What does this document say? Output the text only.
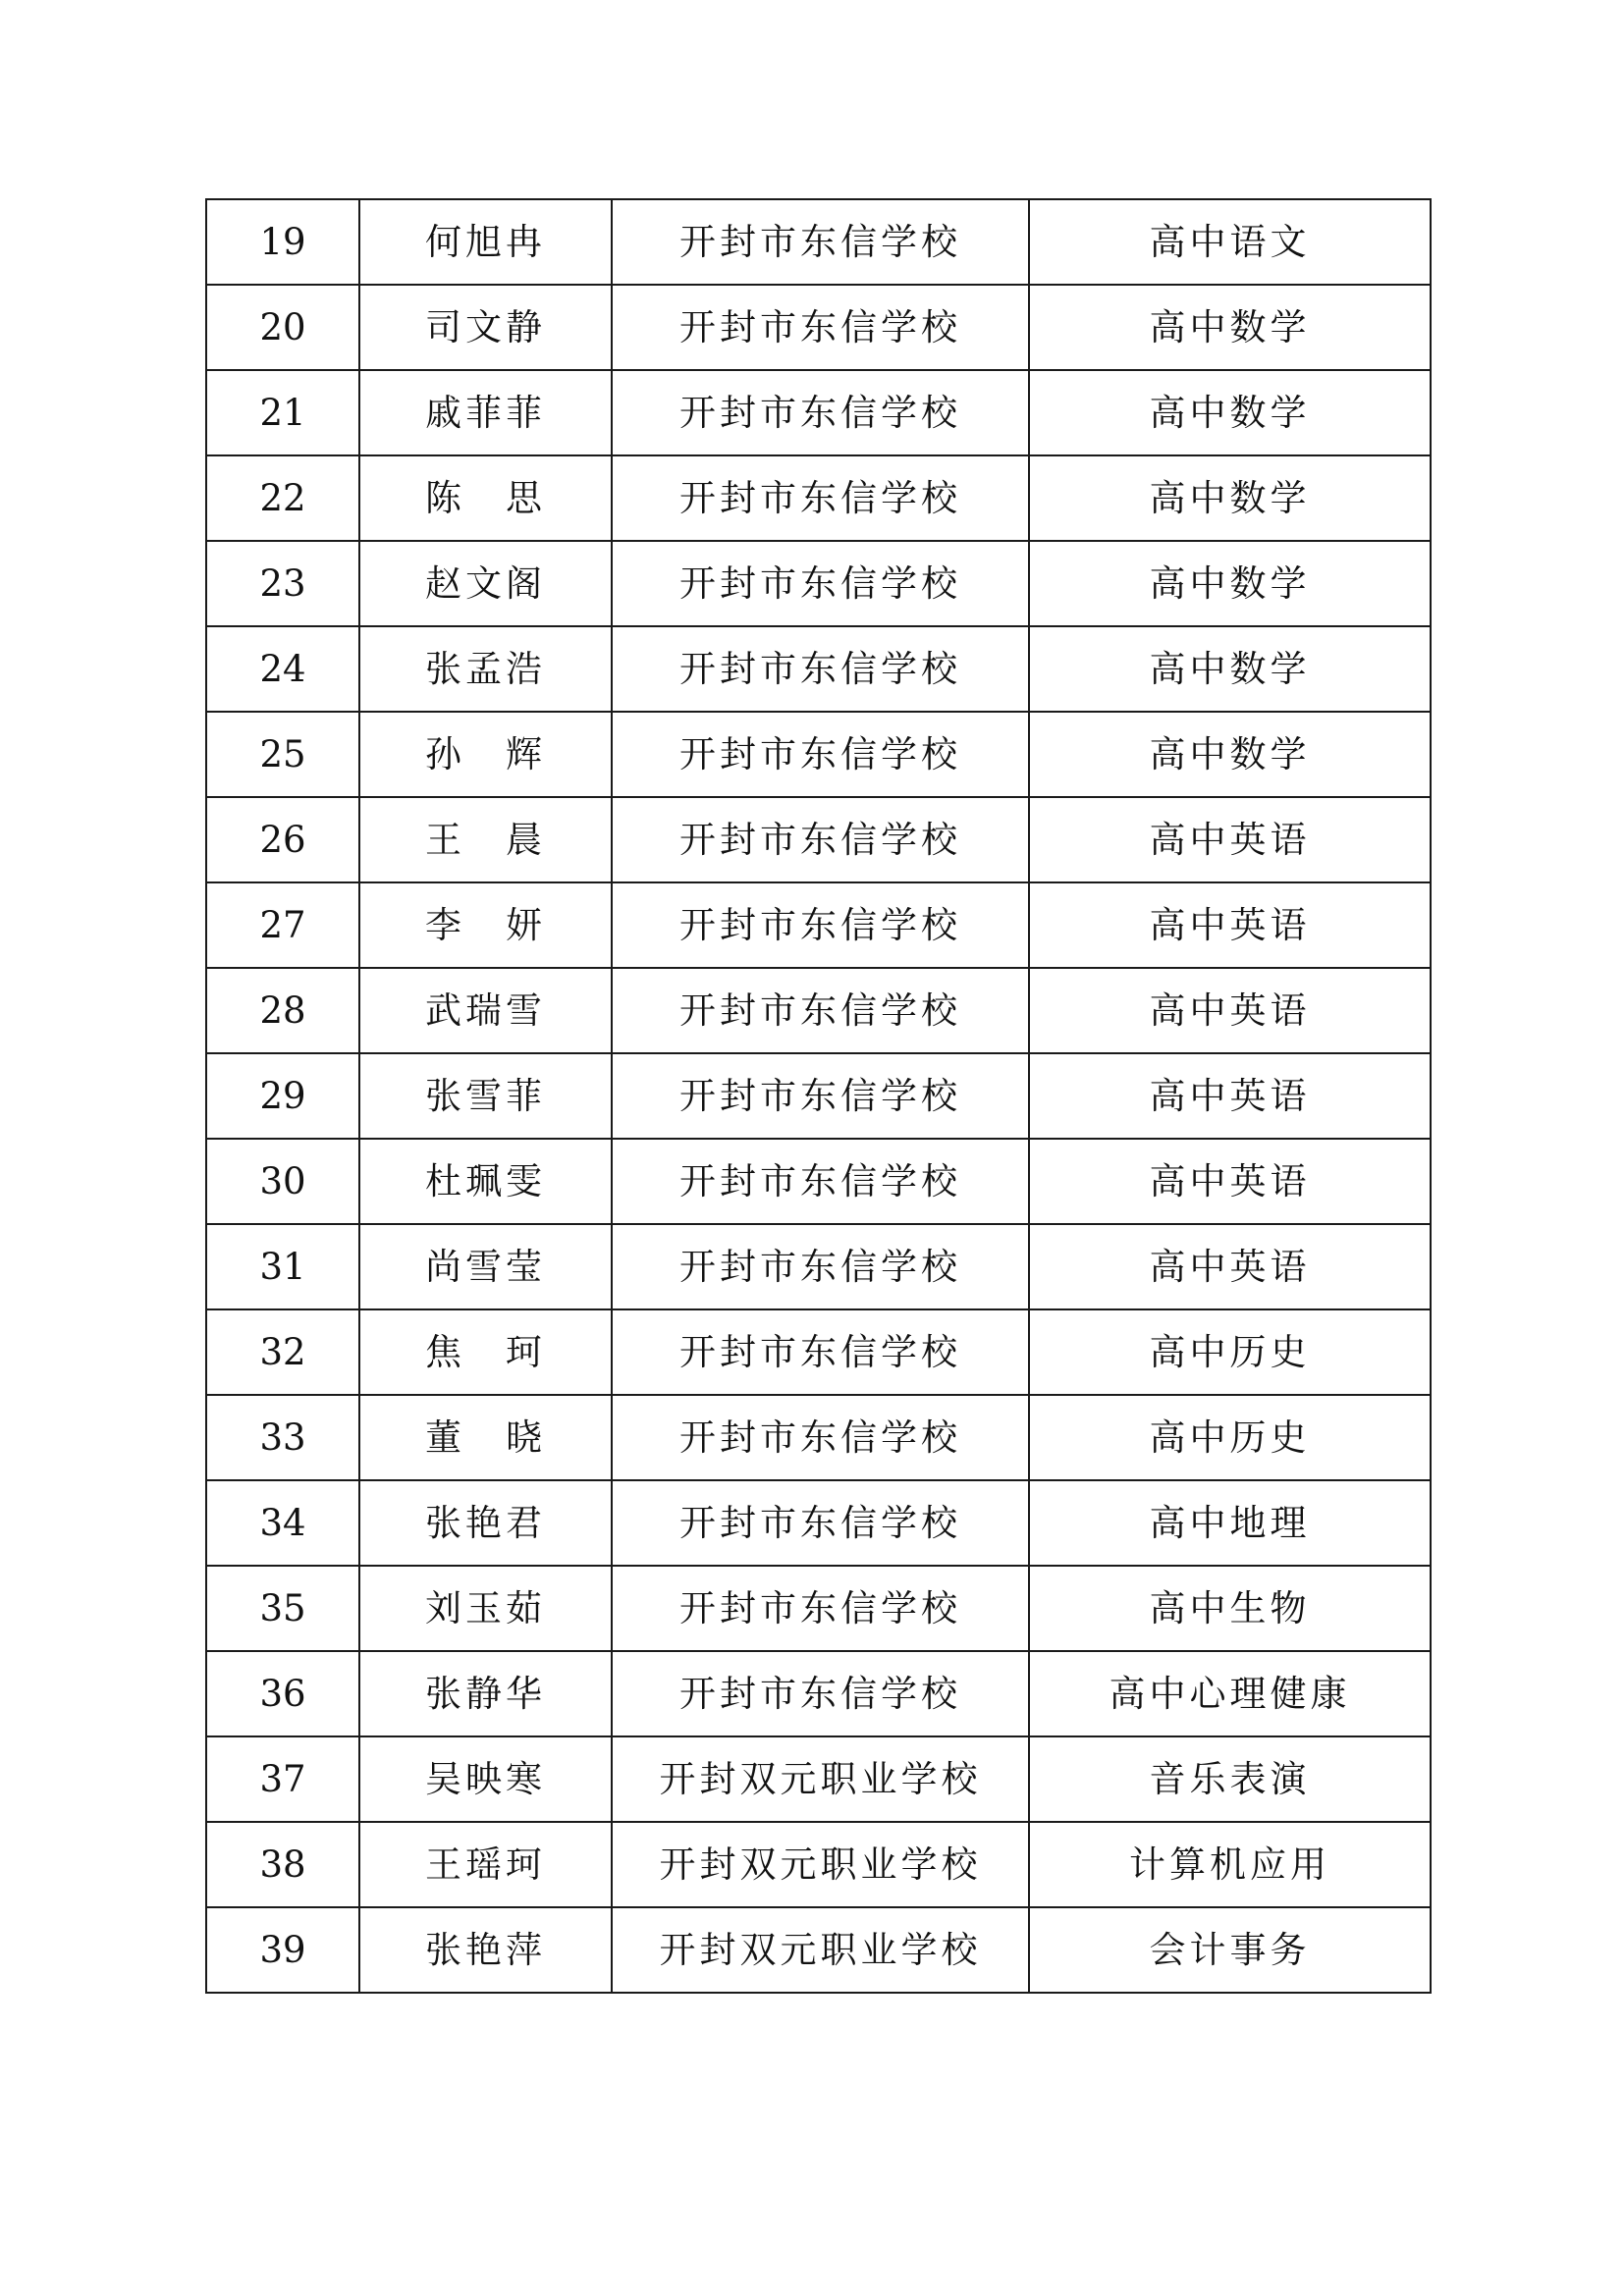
19	何旭冉	开封市东信学校	高中语文
20	司文静	开封市东信学校	高中数学
21	戚菲菲	开封市东信学校	高中数学
22	陈　思	开封市东信学校	高中数学
23	赵文阁	开封市东信学校	高中数学
24	张孟浩	开封市东信学校	高中数学
25	孙　辉	开封市东信学校	高中数学
26	王　晨	开封市东信学校	高中英语
27	李　妍	开封市东信学校	高中英语
28	武瑞雪	开封市东信学校	高中英语
29	张雪菲	开封市东信学校	高中英语
30	杜珮雯	开封市东信学校	高中英语
31	尚雪莹	开封市东信学校	高中英语
32	焦　珂	开封市东信学校	高中历史
33	董　晓	开封市东信学校	高中历史
34	张艳君	开封市东信学校	高中地理
35	刘玉茹	开封市东信学校	高中生物
36	张静华	开封市东信学校	高中心理健康
37	吴映寒	开封双元职业学校	音乐表演
38	王瑶珂	开封双元职业学校	计算机应用
39	张艳萍	开封双元职业学校	会计事务
